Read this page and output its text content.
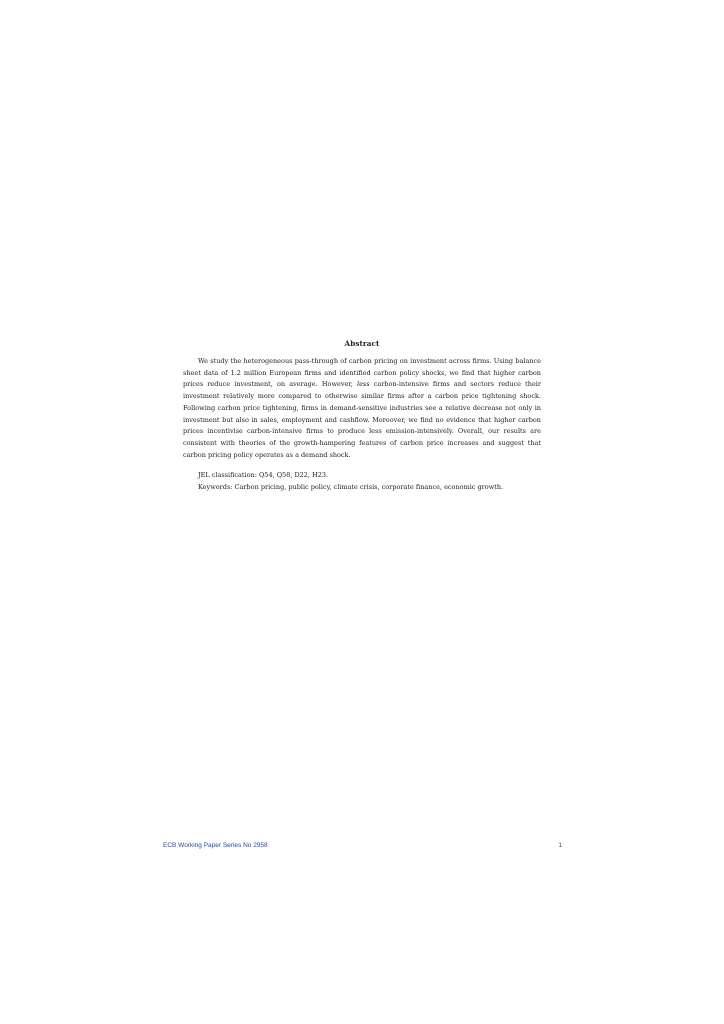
Abstract

We study the heterogeneous pass-through of carbon pricing on investment across firms. Using balance sheet data of 1.2 million European firms and identified carbon policy shocks, we find that higher carbon prices reduce investment, on average. However, less carbon-intensive firms and sectors reduce their investment relatively more compared to otherwise similar firms after a carbon price tightening shock. Following carbon price tightening, firms in demand-sensitive industries see a relative decrease not only in investment but also in sales, employment and cashflow. Moreover, we find no evidence that higher carbon prices incentivise carbon-intensive firms to produce less emission-intensively. Overall, our results are consistent with theories of the growth-hampering features of carbon price increases and suggest that carbon pricing policy operates as a demand shock.

JEL classification: Q54, Q58, D22, H23.
Keywords: Carbon pricing, public policy, climate crisis, corporate finance, economic growth.
ECB Working Paper Series No 2958	1
